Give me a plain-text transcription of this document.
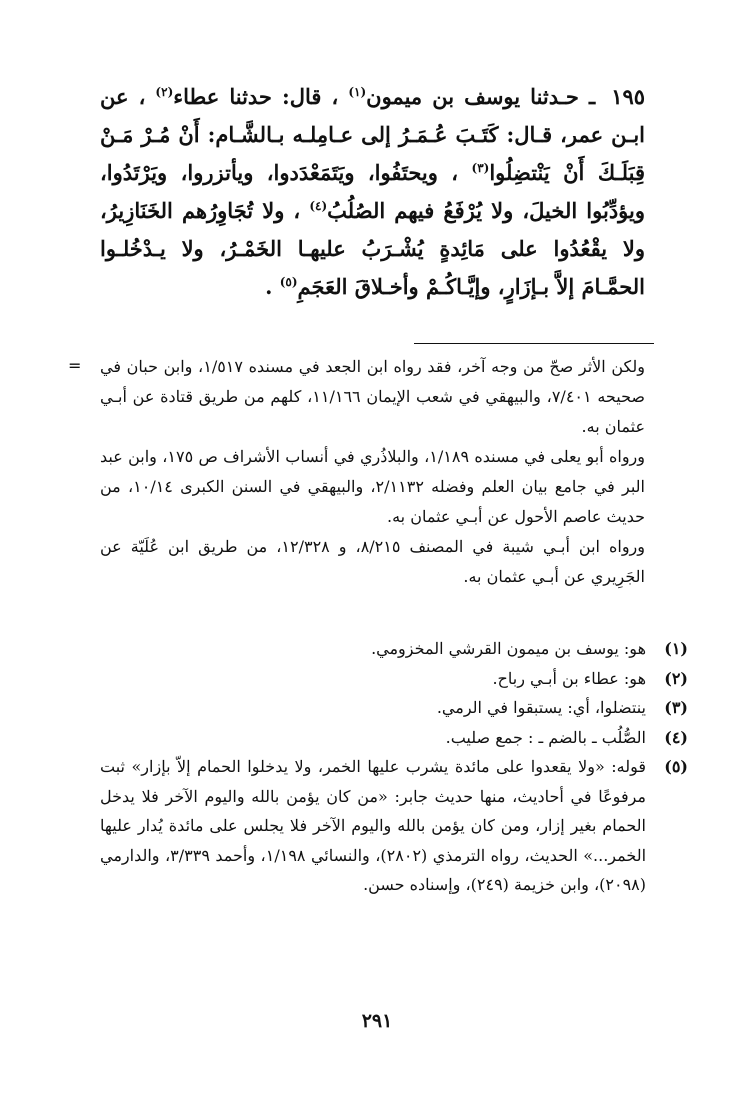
١٩٥ ـ حـدثنا يوسف بن ميمون$^{(١)}$ ، قال: حدثنا عطاء$^{(٢)}$ ، عن ابـن عمر، قـال: كَتَـبَ عُـمَـرُ إلى عـامِلـه بـالشَّـام: أَنْ مُـرْ مَـنْ قِبَلَـكَ أَنْ يَنْتضِلُوا$^{(٣)}$ ، ويحتَفُوا، ويَتَمَعْدَدوا، ويأتزروا، ويَرْتَدُوا، ويؤدِّبُوا الخيلَ، ولا يُرْفَعُ فيهم الصُلُبُ$^{(٤)}$ ، ولا تُجَاوِرُهم الخَنَازِيرُ، ولا يقْعُدُوا على مَائِدةٍ يُشْـرَبُ عليهـا الخَمْـرُ، ولا يـدْخُلـوا الحمَّـامَ إلاَّ بـإزَارٍ، وإيَّـاكُـمْ وأخـلاقَ العَجَمِ$^{(٥)}$ .
= ولكن الأثر صحّ من وجه آخر، فقد رواه ابن الجعد في مسنده ١/٥١٧، وابن حبان في صحيحه ٧/٤٠١، والبيهقي في شعب الإيمان ١١/١٦٦، كلهم من طريق قتادة عن أبـي عثمان به.

ورواه أبو يعلى في مسنده ١/١٨٩، والبلاذُري في أنساب الأشراف ص ١٧٥، وابن عبد البر في جامع بيان العلم وفضله ٢/١١٣٢، والبيهقي في السنن الكبرى ١٠/١٤، من حديث عاصم الأحول عن أبـي عثمان به.

ورواه ابن أبـي شيبة في المصنف ٨/٢١٥، و ١٢/٣٢٨، من طريق ابن عُلَيّة عن الجَرِيري عن أبـي عثمان به.

(١)
هو: يوسف بن ميمون القرشي المخزومي.
(٢)
هو: عطاء بن أبـي رباح.
(٣)
ينتضلوا، أي: يستبقوا في الرمي.
(٤)
الصُّلُب ـ بالضم ـ : جمع صليب.
(٥)
قوله: «ولا يقعدوا على مائدة يشرب عليها الخمر، ولا يدخلوا الحمام إلاّ بإزار» ثبت مرفوعًا في أحاديث، منها حديث جابر: «من كان يؤمن بالله واليوم الآخر فلا يدخل الحمام بغير إزار، ومن كان يؤمن بالله واليوم الآخر فلا يجلس على مائدة يُدار عليها الخمر...» الحديث، رواه الترمذي (٢٨٠٢)، والنسائي ١/١٩٨، وأحمد ٣/٣٣٩، والدارمي (٢٠٩٨)، وابن خزيمة (٢٤٩)، وإسناده حسن.
٢٩١
